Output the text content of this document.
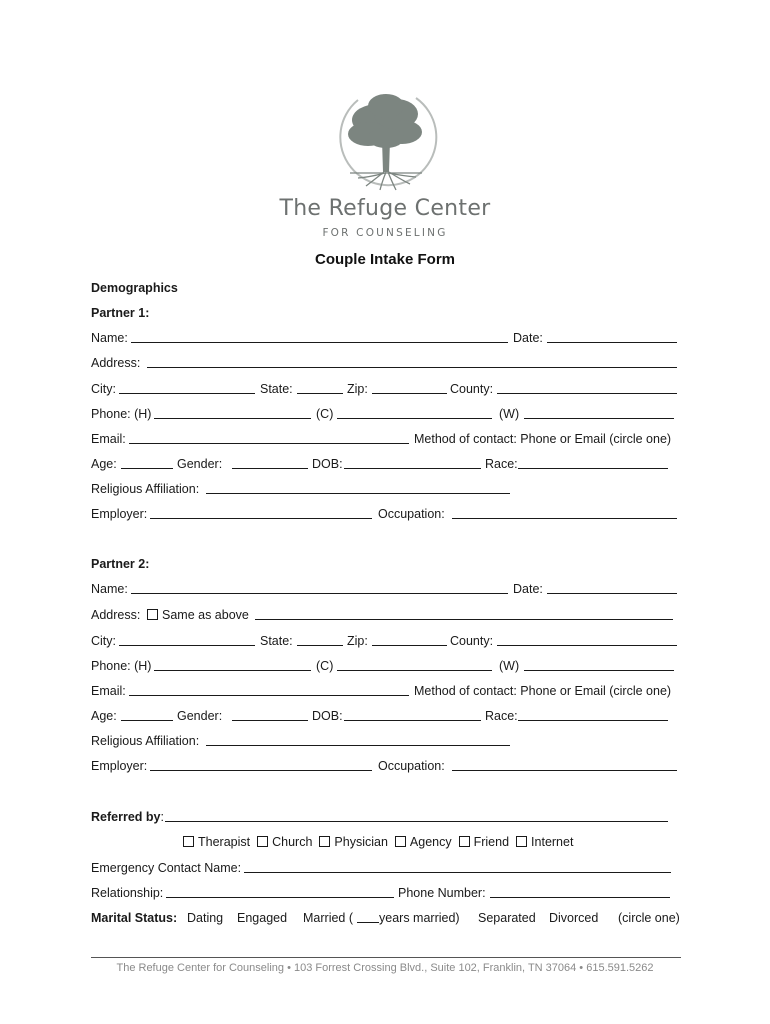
The Refuge Center
FOR COUNSELING
Couple Intake Form
Demographics
Partner 1:
Name:	Date:
Address:
City:	State:	Zip:	County:
Phone: (H)	(C)	(W)
Email:	Method of contact: Phone or Email (circle one)
Age:	Gender:	DOB:	Race:
Religious Affiliation:
Employer:	Occupation:
Partner 2:
Name:	Date:
Address:	Same as above
City:	State:	Zip:	County:
Phone: (H)	(C)	(W)
Email:	Method of contact: Phone or Email (circle one)
Age:	Gender:	DOB:	Race:
Religious Affiliation:
Employer:	Occupation:
Referred by:
Therapist Church Physician Agency Friend Internet
Emergency Contact Name:
Relationship:	Phone Number:
Marital Status: Dating Engaged Married ( years married) Separated Divorced (circle one)
The Refuge Center for Counseling • 103 Forrest Crossing Blvd., Suite 102, Franklin, TN 37064 • 615.591.5262
